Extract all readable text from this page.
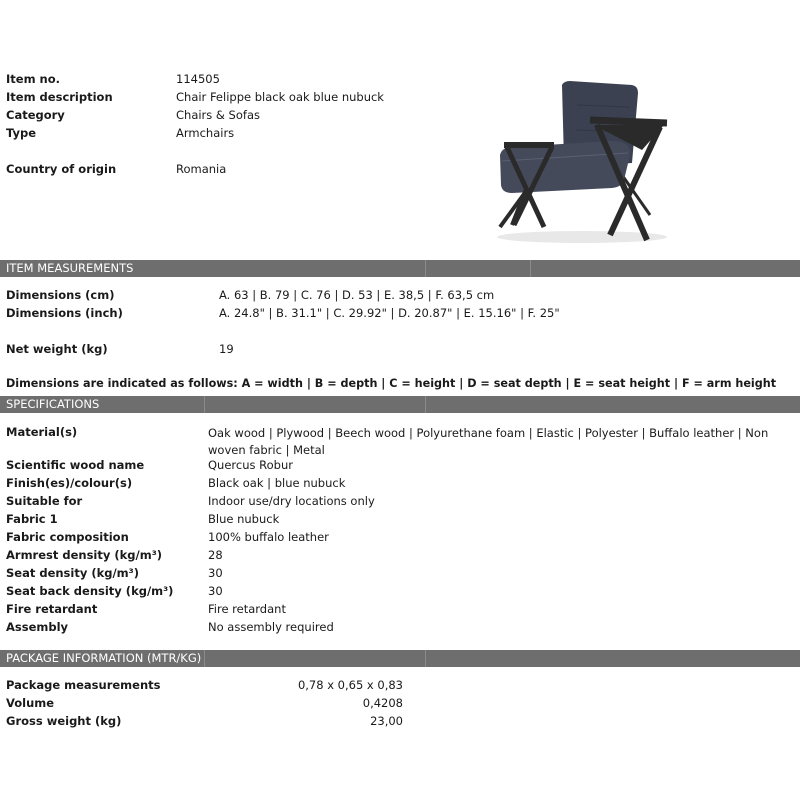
Item no.	114505
Item description	Chair Felippe black oak blue nubuck
Category	Chairs & Sofas
Type	Armchairs
Country of origin	Romania
ITEM MEASUREMENTS
Dimensions (cm)	A. 63 | B. 79 | C. 76 | D. 53 | E. 38,5 | F. 63,5 cm
Dimensions (inch)	A. 24.8" | B. 31.1" | C. 29.92" | D. 20.87" | E. 15.16" | F. 25"
Net weight (kg)	19
Dimensions are indicated as follows: A = width | B = depth | C = height | D = seat depth | E = seat height | F = arm height
SPECIFICATIONS
Material(s)	Oak wood | Plywood | Beech wood | Polyurethane foam | Elastic | Polyester | Buffalo leather | Non woven fabric | Metal
Scientific wood name	Quercus Robur
Finish(es)/colour(s)	Black oak | blue nubuck
Suitable for	Indoor use/dry locations only
Fabric 1	Blue nubuck
Fabric composition	100% buffalo leather
Armrest density (kg/m³)	28
Seat density (kg/m³)	30
Seat back density (kg/m³)	30
Fire retardant	Fire retardant
Assembly	No assembly required
PACKAGE INFORMATION (MTR/KG)
Package measurements	0,78 x 0,65 x 0,83
Volume	0,4208
Gross weight (kg)	23,00
